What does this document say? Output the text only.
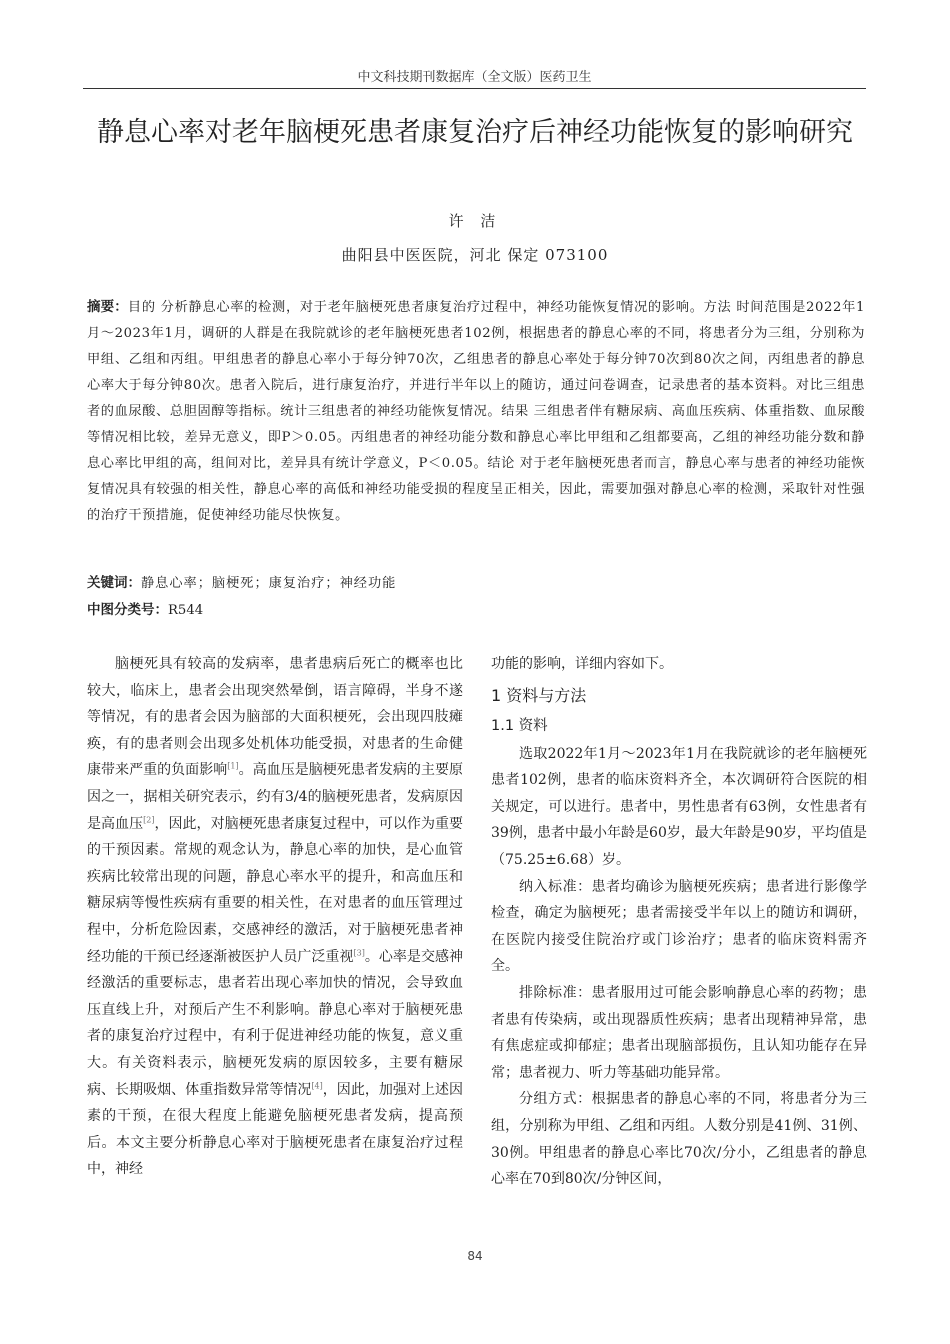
中文科技期刊数据库（全文版）医药卫生
静息心率对老年脑梗死患者康复治疗后神经功能恢复的影响研究
许 洁
曲阳县中医医院，河北 保定 073100
摘要：目的 分析静息心率的检测，对于老年脑梗死患者康复治疗过程中，神经功能恢复情况的影响。方法 时间范围是2022年1月～2023年1月，调研的人群是在我院就诊的老年脑梗死患者102例，根据患者的静息心率的不同，将患者分为三组，分别称为甲组、乙组和丙组。甲组患者的静息心率小于每分钟70次，乙组患者的静息心率处于每分钟70次到80次之间，丙组患者的静息心率大于每分钟80次。患者入院后，进行康复治疗，并进行半年以上的随访，通过问卷调查，记录患者的基本资料。对比三组患者的血尿酸、总胆固醇等指标。统计三组患者的神经功能恢复情况。结果 三组患者伴有糖尿病、高血压疾病、体重指数、血尿酸等情况相比较，差异无意义，即P＞0.05。丙组患者的神经功能分数和静息心率比甲组和乙组都要高，乙组的神经功能分数和静息心率比甲组的高，组间对比，差异具有统计学意义，P＜0.05。结论 对于老年脑梗死患者而言，静息心率与患者的神经功能恢复情况具有较强的相关性，静息心率的高低和神经功能受损的程度呈正相关，因此，需要加强对静息心率的检测，采取针对性强的治疗干预措施，促使神经功能尽快恢复。
关键词：静息心率；脑梗死；康复治疗；神经功能
中图分类号：R544

脑梗死具有较高的发病率，患者患病后死亡的概率也比较大，临床上，患者会出现突然晕倒，语言障碍，半身不遂等情况，有的患者会因为脑部的大面积梗死，会出现四肢瘫痪，有的患者则会出现多处机体功能受损，对患者的生命健康带来严重的负面影响[1]。高血压是脑梗死患者发病的主要原因之一，据相关研究表示，约有3/4的脑梗死患者，发病原因是高血压[2]，因此，对脑梗死患者康复过程中，可以作为重要的干预因素。常规的观念认为，静息心率的加快，是心血管疾病比较常出现的问题，静息心率水平的提升，和高血压和糖尿病等慢性疾病有重要的相关性，在对患者的血压管理过程中，分析危险因素，交感神经的激活，对于脑梗死患者神经功能的干预已经逐渐被医护人员广泛重视[3]。心率是交感神经激活的重要标志，患者若出现心率加快的情况，会导致血压直线上升，对预后产生不利影响。静息心率对于脑梗死患者的康复治疗过程中，有利于促进神经功能的恢复，意义重大。有关资料表示，脑梗死发病的原因较多，主要有糖尿病、长期吸烟、体重指数异常等情况[4]，因此，加强对上述因素的干预，在很大程度上能避免脑梗死患者发病，提高预后。本文主要分析静息心率对于脑梗死患者在康复治疗过程中，神经

功能的影响，详细内容如下。

1 资料与方法
1.1 资料

选取2022年1月～2023年1月在我院就诊的老年脑梗死患者102例，患者的临床资料齐全，本次调研符合医院的相关规定，可以进行。患者中，男性患者有63例，女性患者有39例，患者中最小年龄是60岁，最大年龄是90岁，平均值是（75.25±6.68）岁。

纳入标准：患者均确诊为脑梗死疾病；患者进行影像学检查，确定为脑梗死；患者需接受半年以上的随访和调研，在医院内接受住院治疗或门诊治疗；患者的临床资料需齐全。

排除标准：患者服用过可能会影响静息心率的药物；患者患有传染病，或出现器质性疾病；患者出现精神异常，患有焦虑症或抑郁症；患者出现脑部损伤，且认知功能存在异常；患者视力、听力等基础功能异常。

分组方式：根据患者的静息心率的不同，将患者分为三组，分别称为甲组、乙组和丙组。人数分别是41例、31例、30例。甲组患者的静息心率比70次/分小，乙组患者的静息心率在70到80次/分钟区间，

84
